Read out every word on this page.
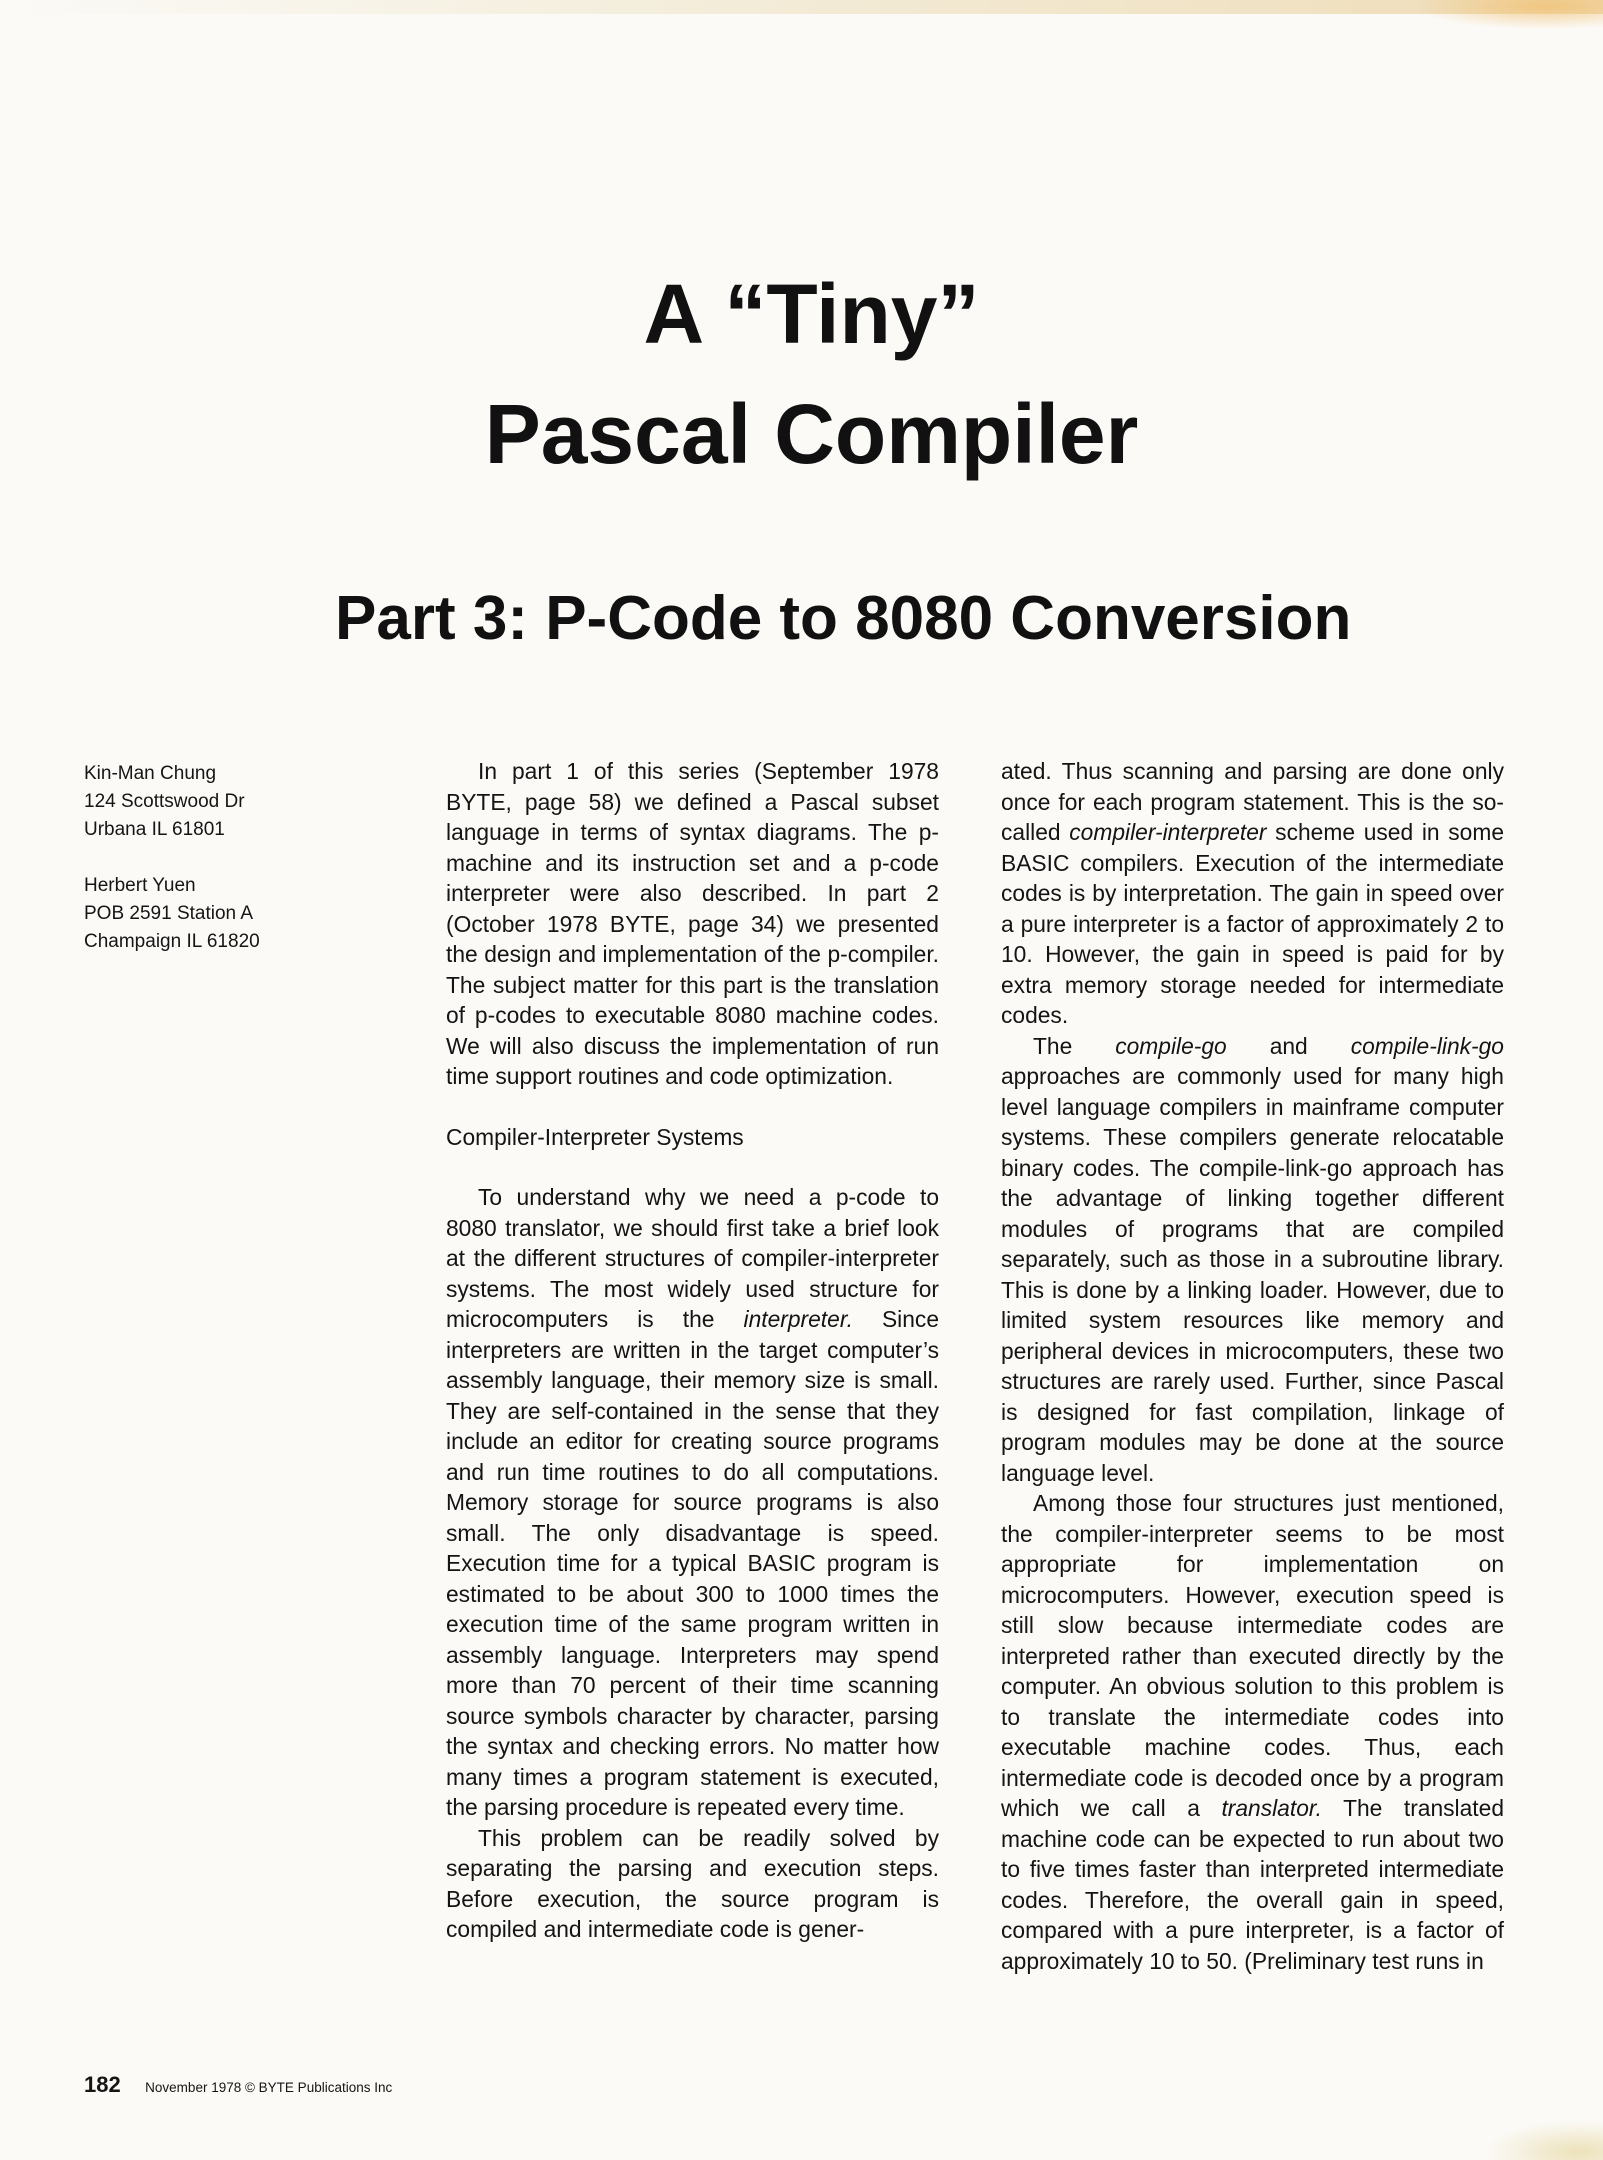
A “Tiny”
Pascal Compiler
Part 3: P-Code to 8080 Conversion
Kin-Man Chung
124 Scottswood Dr
Urbana IL 61801
Herbert Yuen
POB 2591 Station A
Champaign IL 61820

In part 1 of this series (September 1978 BYTE, page 58) we defined a Pascal subset language in terms of syntax diagrams. The p-machine and its instruction set and a p-code interpreter were also described. In part 2 (October 1978 BYTE, page 34) we presented the design and implementation of the p-compiler. The subject matter for this part is the translation of p-codes to executable 8080 machine codes. We will also discuss the implementation of run time support routines and code optimization.

Compiler-Interpreter Systems

To understand why we need a p-code to 8080 translator, we should first take a brief look at the different structures of compiler-interpreter systems. The most widely used structure for microcomputers is the interpreter. Since interpreters are written in the target computer’s assembly language, their memory size is small. They are self-contained in the sense that they include an editor for creating source programs and run time routines to do all computations. Memory storage for source programs is also small. The only disadvantage is speed. Execution time for a typical BASIC program is estimated to be about 300 to 1000 times the execution time of the same program written in assembly language. Interpreters may spend more than 70 percent of their time scanning source symbols character by character, parsing the syntax and checking errors. No matter how many times a program statement is executed, the parsing procedure is repeated every time.

This problem can be readily solved by separating the parsing and execution steps. Before execution, the source program is compiled and intermediate code is gener-

ated. Thus scanning and parsing are done only once for each program statement. This is the so-called compiler-interpreter scheme used in some BASIC compilers. Execution of the intermediate codes is by interpretation. The gain in speed over a pure interpreter is a factor of approximately 2 to 10. However, the gain in speed is paid for by extra memory storage needed for intermediate codes.

The compile-go and compile-link-go approaches are commonly used for many high level language compilers in mainframe computer systems. These compilers generate relocatable binary codes. The compile-link-go approach has the advantage of linking together different modules of programs that are compiled separately, such as those in a subroutine library. This is done by a linking loader. However, due to limited system resources like memory and peripheral devices in microcomputers, these two structures are rarely used. Further, since Pascal is designed for fast compilation, linkage of program modules may be done at the source language level.

Among those four structures just mentioned, the compiler-interpreter seems to be most appropriate for implementation on microcomputers. However, execution speed is still slow because intermediate codes are interpreted rather than executed directly by the computer. An obvious solution to this problem is to translate the intermediate codes into executable machine codes. Thus, each intermediate code is decoded once by a program which we call a translator. The translated machine code can be expected to run about two to five times faster than interpreted intermediate codes. Therefore, the overall gain in speed, compared with a pure interpreter, is a factor of approximately 10 to 50. (Preliminary test runs in

182 November 1978 © BYTE Publications Inc
